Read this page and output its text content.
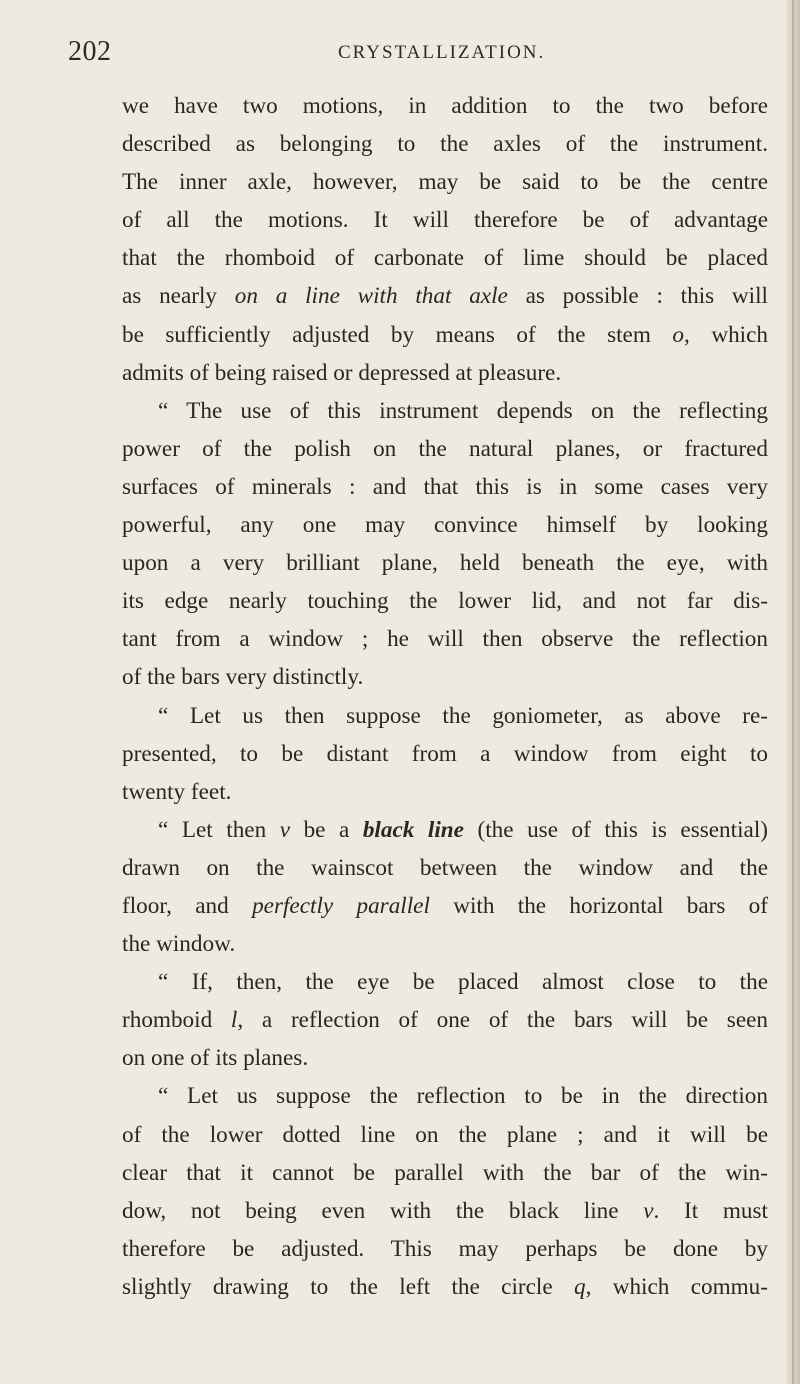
202	CRYSTALLIZATION.
we have two motions, in addition to the two before
described as belonging to the axles of the instrument.
The inner axle, however, may be said to be the centre
of all the motions. It will therefore be of advantage
that the rhomboid of carbonate of lime should be placed
as nearly on a line with that axle as possible : this will
be sufficiently adjusted by means of the stem o, which
admits of being raised or depressed at pleasure.
“ The use of this instrument depends on the reflecting
power of the polish on the natural planes, or fractured
surfaces of minerals : and that this is in some cases very
powerful, any one may convince himself by looking
upon a very brilliant plane, held beneath the eye, with
its edge nearly touching the lower lid, and not far dis-
tant from a window ; he will then observe the reflection
of the bars very distinctly.
“ Let us then suppose the goniometer, as above re-
presented, to be distant from a window from eight to
twenty feet.
“ Let then v be a black line (the use of this is essential)
drawn on the wainscot between the window and the
floor, and perfectly parallel with the horizontal bars of
the window.
“ If, then, the eye be placed almost close to the
rhomboid l, a reflection of one of the bars will be seen
on one of its planes.
“ Let us suppose the reflection to be in the direction
of the lower dotted line on the plane ; and it will be
clear that it cannot be parallel with the bar of the win-
dow, not being even with the black line v. It must
therefore be adjusted. This may perhaps be done by
slightly drawing to the left the circle q, which commu-
